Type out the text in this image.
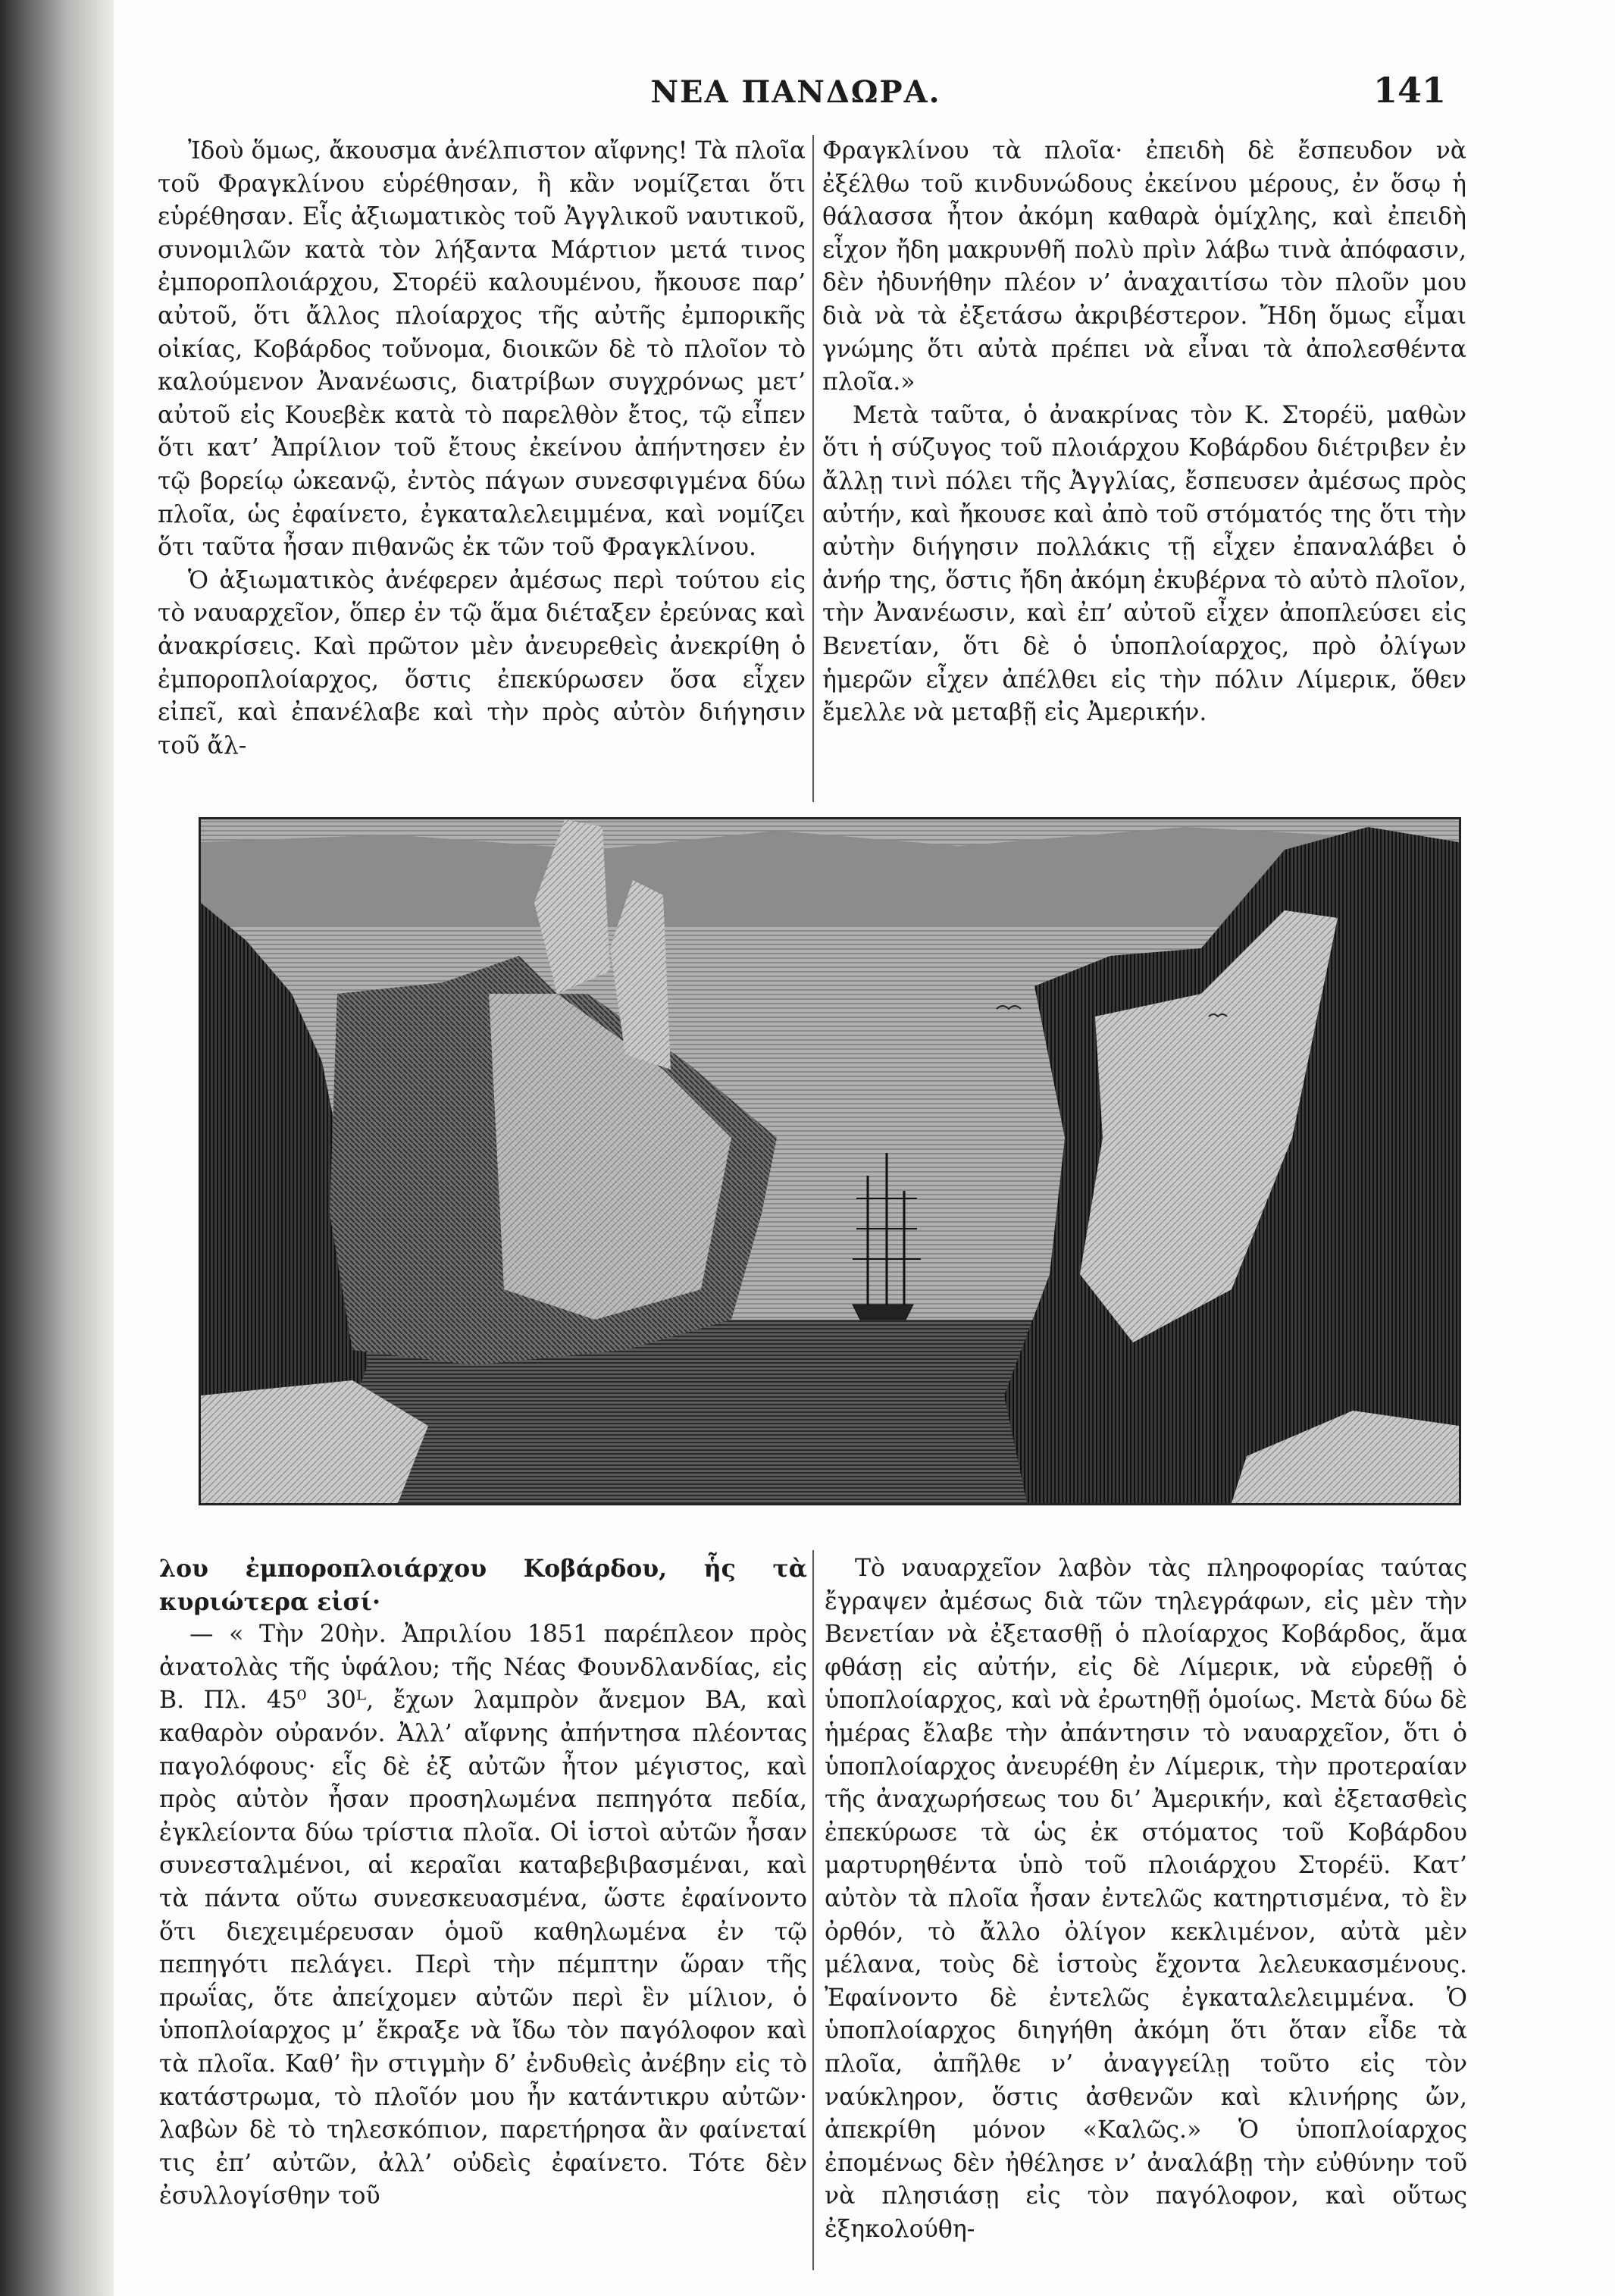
ΝΕΑ ΠΑΝΔΩΡΑ.	141

Ἰδοὺ ὅμως, ἄκουσμα ἀνέλπιστον αἴφνης! Τὰ πλοῖα τοῦ Φραγκλίνου εὑρέθησαν, ἢ κἂν νομίζεται ὅτι εὑρέθησαν. Εἷς ἀξιωματικὸς τοῦ Ἀγγλικοῦ ναυτικοῦ, συνομιλῶν κατὰ τὸν λήξαντα Μάρτιον μετά τινος ἐμποροπλοιάρχου, Στορέϋ καλουμένου, ἤκουσε παρ’ αὐτοῦ, ὅτι ἄλλος πλοίαρχος τῆς αὐτῆς ἐμπορικῆς οἰκίας, Κοβάρδος τοὔνομα, διοικῶν δὲ τὸ πλοῖον τὸ καλούμενον Ἀνανέωσις, διατρίβων συγχρόνως μετ’ αὐτοῦ εἰς Κουεβὲκ κατὰ τὸ παρελθὸν ἔτος, τῷ εἶπεν ὅτι κατ’ Ἀπρίλιον τοῦ ἔτους ἐκείνου ἀπήντησεν ἐν τῷ βορείῳ ὠκεανῷ, ἐντὸς πάγων συνεσφιγμένα δύω πλοῖα, ὡς ἐφαίνετο, ἐγκαταλελειμμένα, καὶ νομίζει ὅτι ταῦτα ἦσαν πιθανῶς ἐκ τῶν τοῦ Φραγκλίνου.

Ὁ ἀξιωματικὸς ἀνέφερεν ἀμέσως περὶ τούτου εἰς τὸ ναυαρχεῖον, ὅπερ ἐν τῷ ἅμα διέταξεν ἐρεύνας καὶ ἀνακρίσεις. Καὶ πρῶτον μὲν ἀνευρεθεὶς ἀνεκρίθη ὁ ἐμποροπλοίαρχος, ὅστις ἐπεκύρωσεν ὅσα εἶχεν εἰπεῖ, καὶ ἐπανέλαβε καὶ τὴν πρὸς αὐτὸν διήγησιν τοῦ ἄλ-

Φραγκλίνου τὰ πλοῖα· ἐπειδὴ δὲ ἔσπευδον νὰ ἐξέλθω τοῦ κινδυνώδους ἐκείνου μέρους, ἐν ὅσῳ ἡ θάλασσα ἦτον ἀκόμη καθαρὰ ὁμίχλης, καὶ ἐπειδὴ εἶχον ἤδη μακρυνθῆ πολὺ πρὶν λάβω τινὰ ἀπόφασιν, δὲν ἠδυνήθην πλέον ν’ ἀναχαιτίσω τὸν πλοῦν μου διὰ νὰ τὰ ἐξετάσω ἀκριβέστερον. Ἤδη ὅμως εἶμαι γνώμης ὅτι αὐτὰ πρέπει νὰ εἶναι τὰ ἀπολεσθέντα πλοῖα.»

Μετὰ ταῦτα, ὁ ἀνακρίνας τὸν Κ. Στορέϋ, μαθὼν ὅτι ἡ σύζυγος τοῦ πλοιάρχου Κοβάρδου διέτριβεν ἐν ἄλλῃ τινὶ πόλει τῆς Ἀγγλίας, ἔσπευσεν ἀμέσως πρὸς αὐτήν, καὶ ἤκουσε καὶ ἀπὸ τοῦ στόματός της ὅτι τὴν αὐτὴν διήγησιν πολλάκις τῇ εἶχεν ἐπαναλάβει ὁ ἀνήρ της, ὅστις ἤδη ἀκόμη ἐκυβέρνα τὸ αὐτὸ πλοῖον, τὴν Ἀνανέωσιν, καὶ ἐπ’ αὐτοῦ εἶχεν ἀποπλεύσει εἰς Βενετίαν, ὅτι δὲ ὁ ὑποπλοίαρχος, πρὸ ὀλίγων ἡμερῶν εἶχεν ἀπέλθει εἰς τὴν πόλιν Λίμερικ, ὅθεν ἔμελλε νὰ μεταβῇ εἰς Ἀμερικήν.

λου ἐμποροπλοιάρχου Κοβάρδου, ἧς τὰ κυριώτερα εἰσί·

— « Τὴν 20ὴν. Ἀπριλίου 1851 παρέπλεον πρὸς ἀνατολὰς τῆς ὑφάλου; τῆς Νέας Φουνδλανδίας, εἰς Β. Πλ. 45⁰ 30ᴸ, ἔχων λαμπρὸν ἄνεμον ΒΑ, καὶ καθαρὸν οὐρανόν. Ἀλλ’ αἴφνης ἀπήντησα πλέοντας παγολόφους· εἷς δὲ ἐξ αὐτῶν ἦτον μέγιστος, καὶ πρὸς αὐτὸν ἦσαν προσηλωμένα πεπηγότα πεδία, ἐγκλείοντα δύω τρίστια πλοῖα. Οἱ ἱστοὶ αὐτῶν ἦσαν συνεσταλμένοι, αἱ κεραῖαι καταβεβιβασμέναι, καὶ τὰ πάντα οὕτω συνεσκευασμένα, ὥστε ἐφαίνοντο ὅτι διεχειμέρευσαν ὁμοῦ καθηλωμένα ἐν τῷ πεπηγότι πελάγει. Περὶ τὴν πέμπτην ὥραν τῆς πρωΐας, ὅτε ἀπείχομεν αὐτῶν περὶ ἓν μίλιον, ὁ ὑποπλοίαρχος μ’ ἔκραξε νὰ ἴδω τὸν παγόλοφον καὶ τὰ πλοῖα. Καθ’ ἣν στιγμὴν δ’ ἐνδυθεὶς ἀνέβην εἰς τὸ κατάστρωμα, τὸ πλοῖόν μου ἦν κατάντικρυ αὐτῶν· λαβὼν δὲ τὸ τηλεσκόπιον, παρετήρησα ἂν φαίνεταί τις ἐπ’ αὐτῶν, ἀλλ’ οὐδεὶς ἐφαίνετο. Τότε δὲν ἐσυλλογίσθην τοῦ

Τὸ ναυαρχεῖον λαβὸν τὰς πληροφορίας ταύτας ἔγραψεν ἀμέσως διὰ τῶν τηλεγράφων, εἰς μὲν τὴν Βενετίαν νὰ ἐξετασθῇ ὁ πλοίαρχος Κοβάρδος, ἅμα φθάσῃ εἰς αὐτήν, εἰς δὲ Λίμερικ, νὰ εὑρεθῇ ὁ ὑποπλοίαρχος, καὶ νὰ ἐρωτηθῇ ὁμοίως. Μετὰ δύω δὲ ἡμέρας ἔλαβε τὴν ἀπάντησιν τὸ ναυαρχεῖον, ὅτι ὁ ὑποπλοίαρχος ἀνευρέθη ἐν Λίμερικ, τὴν προτεραίαν τῆς ἀναχωρήσεως του δι’ Ἀμερικήν, καὶ ἐξετασθεὶς ἐπεκύρωσε τὰ ὡς ἐκ στόματος τοῦ Κοβάρδου μαρτυρηθέντα ὑπὸ τοῦ πλοιάρχου Στορέϋ. Κατ’ αὐτὸν τὰ πλοῖα ἦσαν ἐντελῶς κατηρτισμένα, τὸ ἓν ὀρθόν, τὸ ἄλλο ὀλίγον κεκλιμένον, αὐτὰ μὲν μέλανα, τοὺς δὲ ἱστοὺς ἔχοντα λελευκασμένους. Ἐφαίνοντο δὲ ἐντελῶς ἐγκαταλελειμμένα. Ὁ ὑποπλοίαρχος διηγήθη ἀκόμη ὅτι ὅταν εἶδε τὰ πλοῖα, ἀπῆλθε ν’ ἀναγγείλῃ τοῦτο εἰς τὸν ναύκληρον, ὅστις ἀσθενῶν καὶ κλινήρης ὤν, ἀπεκρίθη μόνον «Καλῶς.» Ὁ ὑποπλοίαρχος ἐπομένως δὲν ἠθέλησε ν’ ἀναλάβῃ τὴν εὐθύνην τοῦ νὰ πλησιάσῃ εἰς τὸν παγόλοφον, καὶ οὕτως ἐξηκολούθη-
